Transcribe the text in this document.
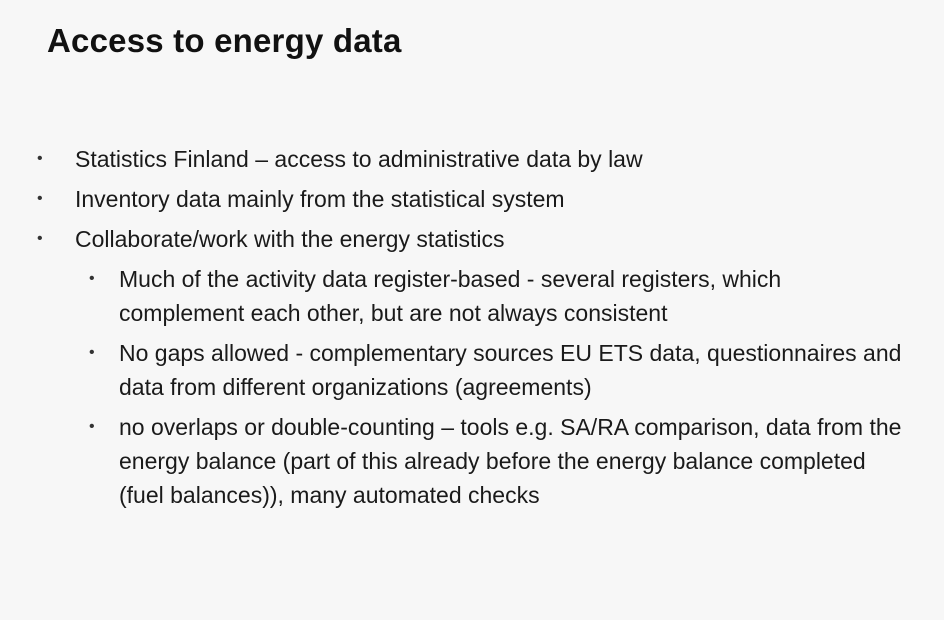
Access to energy data
• Statistics Finland – access to administrative data by law
• Inventory data mainly from the statistical system
• Collaborate/work with the energy statistics
• Much of the activity data register-based - several registers, which complement each other, but are not always consistent
• No gaps allowed - complementary sources EU ETS data, questionnaires and data from different organizations (agreements)
• no overlaps or double-counting – tools e.g. SA/RA comparison, data from the energy balance (part of this already before the energy balance completed (fuel balances)), many automated checks
